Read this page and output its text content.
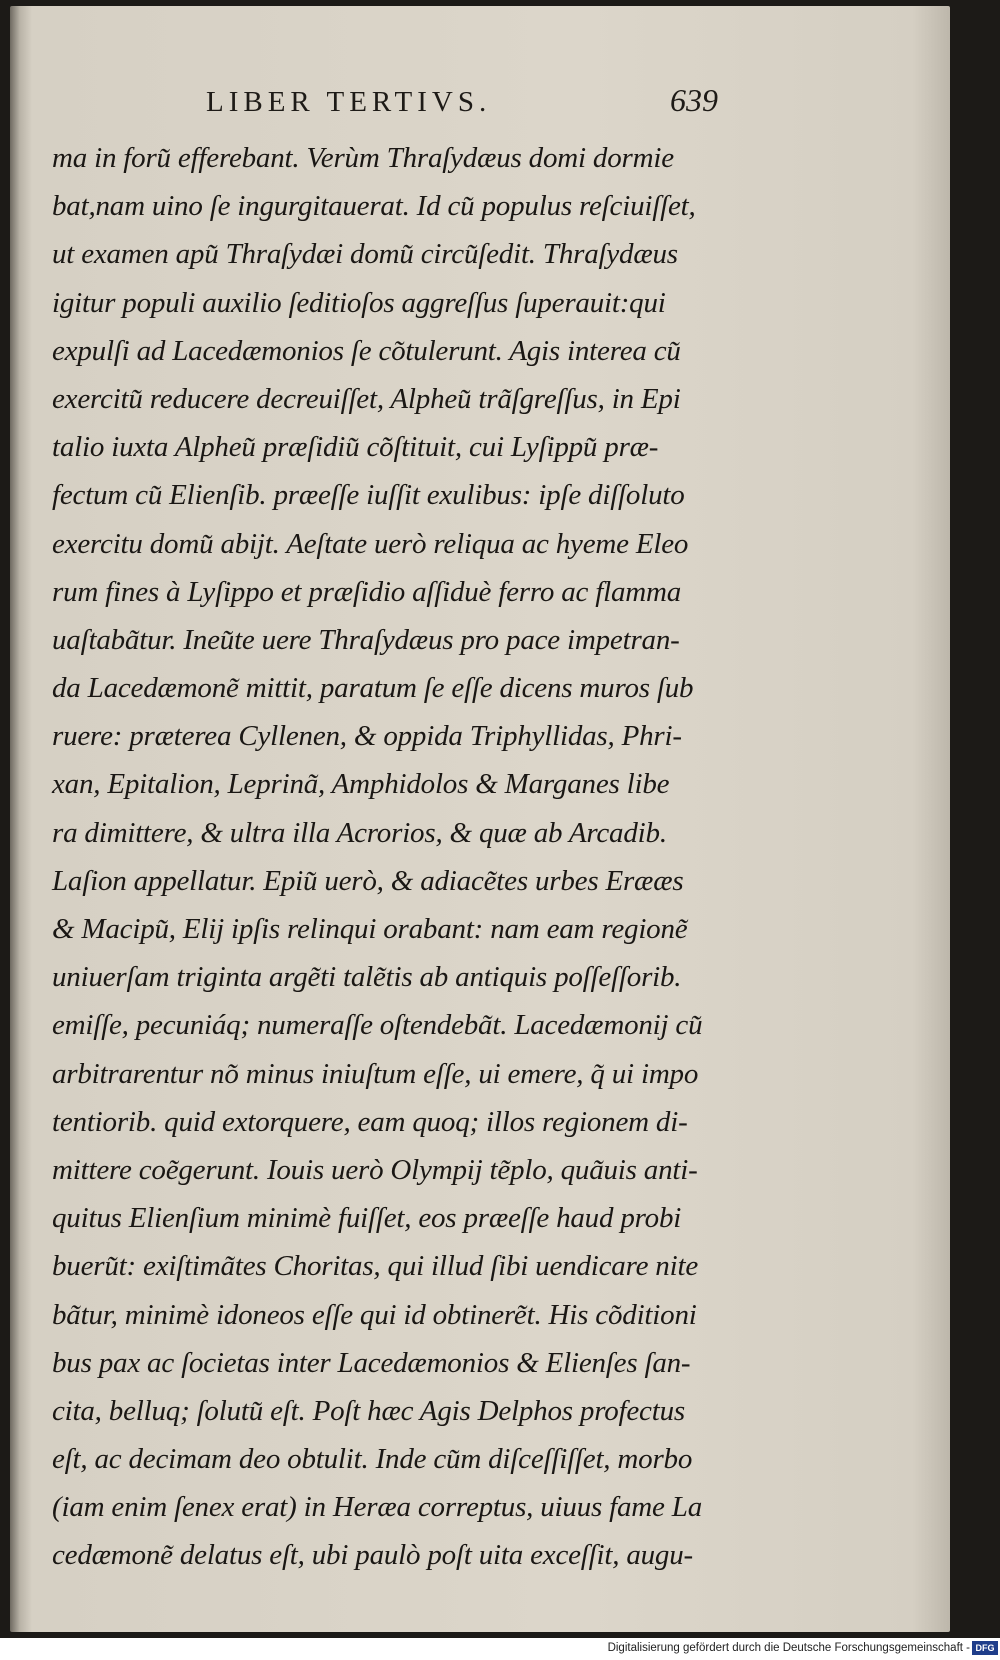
LIBER TERTIVS.	639
ma in foru͂ efferebant. Verùm Thraſydæus domi dormie
bat,nam uino ſe ingurgitauerat. Id cu͂ populus reſciuiſſet,
ut examen apu͂ Thraſydæi domu͂ circu͂ſedit. Thraſydæus
igitur populi auxilio ſeditioſos aggreſſus ſuperauit:qui
expulſi ad Lacedæmonios ſe co͂tulerunt. Agis interea cu͂
exercitu͂ reducere decreuiſſet, Alpheu͂ tra͂ſgreſſus, in Epi
talio iuxta Alpheu͂ præſidiu͂ co͂ſtituit, cui Lyſippu͂ præ-
fectum cu͂ Elienſib. præeſſe iuſſit exulibus: ipſe diſſoluto
exercitu domu͂ abijt. Aeſtate uerò reliqua ac hyeme Eleo
rum fines à Lyſippo et præſidio aſſiduè ferro ac flamma
uaſtaba͂tur. Ineu͂te uere Thraſydæus pro pace impetran-
da Lacedæmone͂ mittit, paratum ſe eſſe dicens muros ſub
ruere: præterea Cyllenen, & oppida Triphyllidas, Phri-
xan, Epitalion, Leprina͂, Amphidolos & Marganes libe
ra dimittere, & ultra illa Acrorios, & quæ ab Arcadib.
Laſion appellatur. Epiu͂ uerò, & adiace͂tes urbes Erææs
& Macipu͂, Elij ipſis relinqui orabant: nam eam regione͂
uniuerſam triginta arge͂ti tale͂tis ab antiquis poſſeſſorib.
emiſſe, pecuniáq; numeraſſe oſtendeba͂t. Lacedæmonij cu͂
arbitrarentur no͂ minus iniuſtum eſſe, ui emere, q͂ ui impo
tentiorib. quid extorquere, eam quoq; illos regionem di-
mittere coe͂gerunt. Iouis uerò Olympij te͂plo, qua͂uis anti-
quitus Elienſium minimè fuiſſet, eos præeſſe haud probi
bueru͂t: exiſtima͂tes Choritas, qui illud ſibi uendicare nite
ba͂tur, minimè idoneos eſſe qui id obtinere͂t. His co͂ditioni
bus pax ac ſocietas inter Lacedæmonios & Elienſes ſan-
cita, belluq; ſolutu͂ eſt. Poſt hæc Agis Delphos profectus
eſt, ac decimam deo obtulit. Inde cu͂m diſceſſiſſet, morbo
(iam enim ſenex erat) in Heræa correptus, uiuus fame La
cedæmone͂ delatus eſt, ubi paulò poſt uita exceſſit, augu-
Digitalisierung gefördert durch die Deutsche Forschungsgemeinschaft - DFG
